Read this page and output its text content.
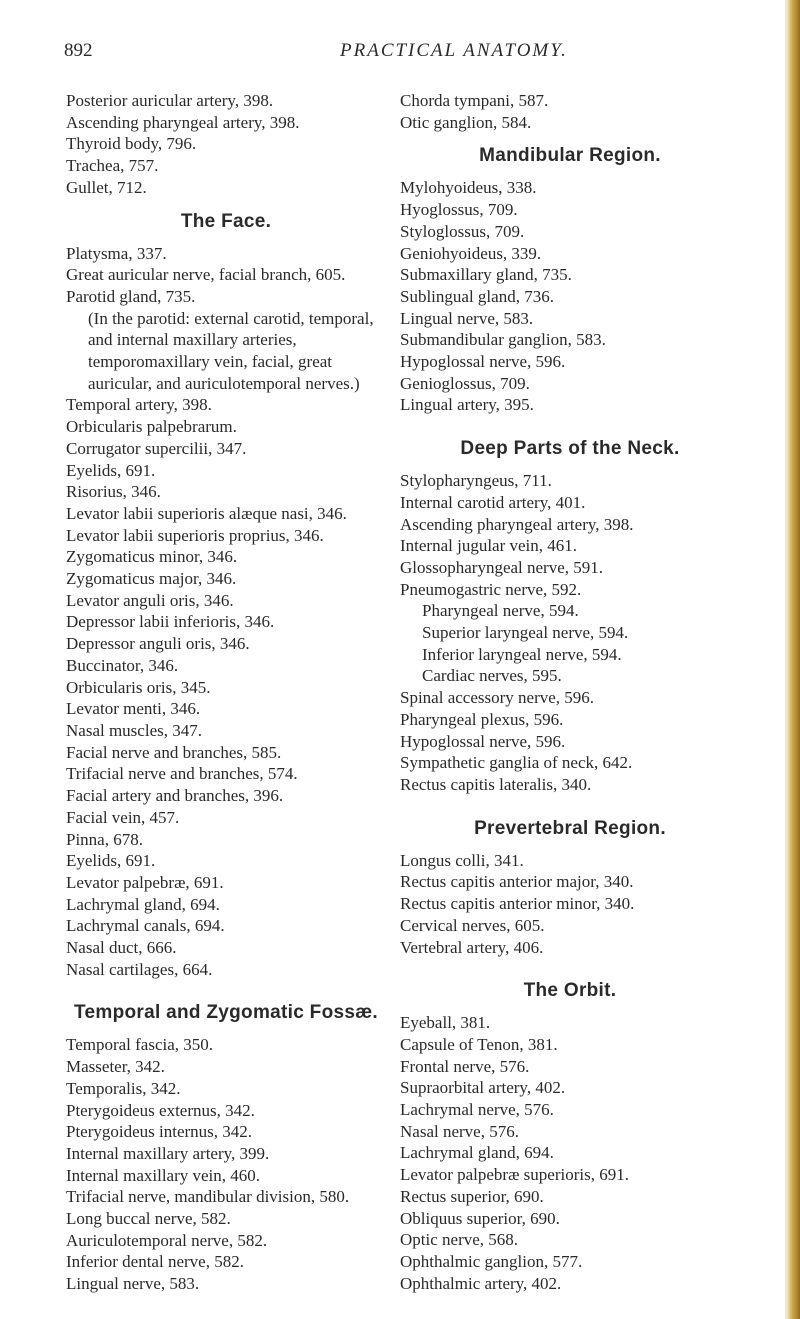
892	PRACTICAL ANATOMY.
Posterior auricular artery, 398.
Ascending pharyngeal artery, 398.
Thyroid body, 796.
Trachea, 757.
Gullet, 712.
The Face.
Platysma, 337.
Great auricular nerve, facial branch, 605.
Parotid gland, 735.
(In the parotid: external carotid, temporal, and internal maxillary arteries, temporomaxillary vein, facial, great auricular, and auriculotemporal nerves.)
Temporal artery, 398.
Orbicularis palpebrarum.
Corrugator supercilii, 347.
Eyelids, 691.
Risorius, 346.
Levator labii superioris alæque nasi, 346.
Levator labii superioris proprius, 346.
Zygomaticus minor, 346.
Zygomaticus major, 346.
Levator anguli oris, 346.
Depressor labii inferioris, 346.
Depressor anguli oris, 346.
Buccinator, 346.
Orbicularis oris, 345.
Levator menti, 346.
Nasal muscles, 347.
Facial nerve and branches, 585.
Trifacial nerve and branches, 574.
Facial artery and branches, 396.
Facial vein, 457.
Pinna, 678.
Eyelids, 691.
Levator palpebræ, 691.
Lachrymal gland, 694.
Lachrymal canals, 694.
Nasal duct, 666.
Nasal cartilages, 664.
Temporal and Zygomatic Fossæ.
Temporal fascia, 350.
Masseter, 342.
Temporalis, 342.
Pterygoideus externus, 342.
Pterygoideus internus, 342.
Internal maxillary artery, 399.
Internal maxillary vein, 460.
Trifacial nerve, mandibular division, 580.
Long buccal nerve, 582.
Auriculotemporal nerve, 582.
Inferior dental nerve, 582.
Lingual nerve, 583.
Chorda tympani, 587.
Otic ganglion, 584.
Mandibular Region.
Mylohyoideus, 338.
Hyoglossus, 709.
Styloglossus, 709.
Geniohyoideus, 339.
Submaxillary gland, 735.
Sublingual gland, 736.
Lingual nerve, 583.
Submandibular ganglion, 583.
Hypoglossal nerve, 596.
Genioglossus, 709.
Lingual artery, 395.
Deep Parts of the Neck.
Stylopharyngeus, 711.
Internal carotid artery, 401.
Ascending pharyngeal artery, 398.
Internal jugular vein, 461.
Glossopharyngeal nerve, 591.
Pneumogastric nerve, 592.
Pharyngeal nerve, 594.
Superior laryngeal nerve, 594.
Inferior laryngeal nerve, 594.
Cardiac nerves, 595.
Spinal accessory nerve, 596.
Pharyngeal plexus, 596.
Hypoglossal nerve, 596.
Sympathetic ganglia of neck, 642.
Rectus capitis lateralis, 340.
Prevertebral Region.
Longus colli, 341.
Rectus capitis anterior major, 340.
Rectus capitis anterior minor, 340.
Cervical nerves, 605.
Vertebral artery, 406.
The Orbit.
Eyeball, 381.
Capsule of Tenon, 381.
Frontal nerve, 576.
Supraorbital artery, 402.
Lachrymal nerve, 576.
Nasal nerve, 576.
Lachrymal gland, 694.
Levator palpebræ superioris, 691.
Rectus superior, 690.
Obliquus superior, 690.
Optic nerve, 568.
Ophthalmic ganglion, 577.
Ophthalmic artery, 402.
